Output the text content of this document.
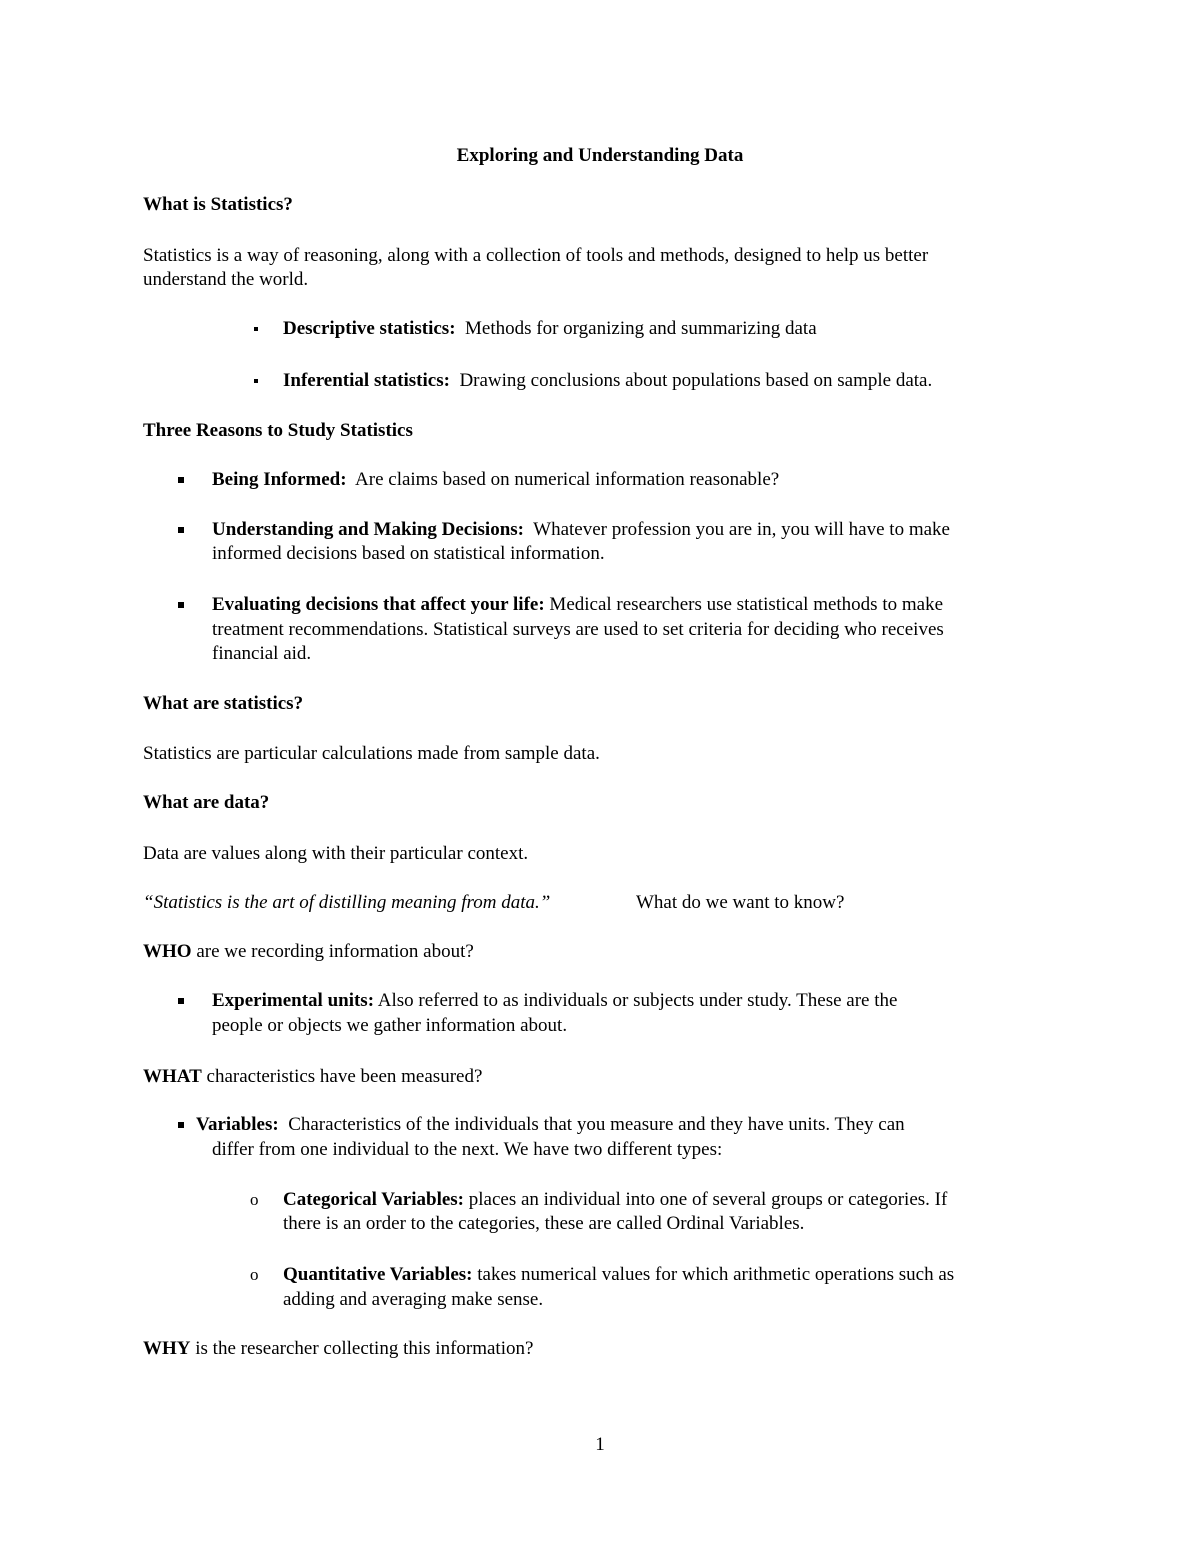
Exploring and Understanding Data
What is Statistics?
Statistics is a way of reasoning, along with a collection of tools and methods, designed to help us better
understand the world.
Descriptive statistics: Methods for organizing and summarizing data
Inferential statistics: Drawing conclusions about populations based on sample data.
Three Reasons to Study Statistics
Being Informed: Are claims based on numerical information reasonable?
Understanding and Making Decisions: Whatever profession you are in, you will have to make
informed decisions based on statistical information.
Evaluating decisions that affect your life: Medical researchers use statistical methods to make
treatment recommendations. Statistical surveys are used to set criteria for deciding who receives
financial aid.
What are statistics?
Statistics are particular calculations made from sample data.
What are data?
Data are values along with their particular context.
“Statistics is the art of distilling meaning from data.”	What do we want to know?
WHO are we recording information about?
Experimental units: Also referred to as individuals or subjects under study. These are the
people or objects we gather information about.
WHAT characteristics have been measured?
Variables: Characteristics of the individuals that you measure and they have units. They can
differ from one individual to the next. We have two different types:
o Categorical Variables: places an individual into one of several groups or categories. If
there is an order to the categories, these are called Ordinal Variables.
o Quantitative Variables: takes numerical values for which arithmetic operations such as
adding and averaging make sense.
WHY is the researcher collecting this information?
1
